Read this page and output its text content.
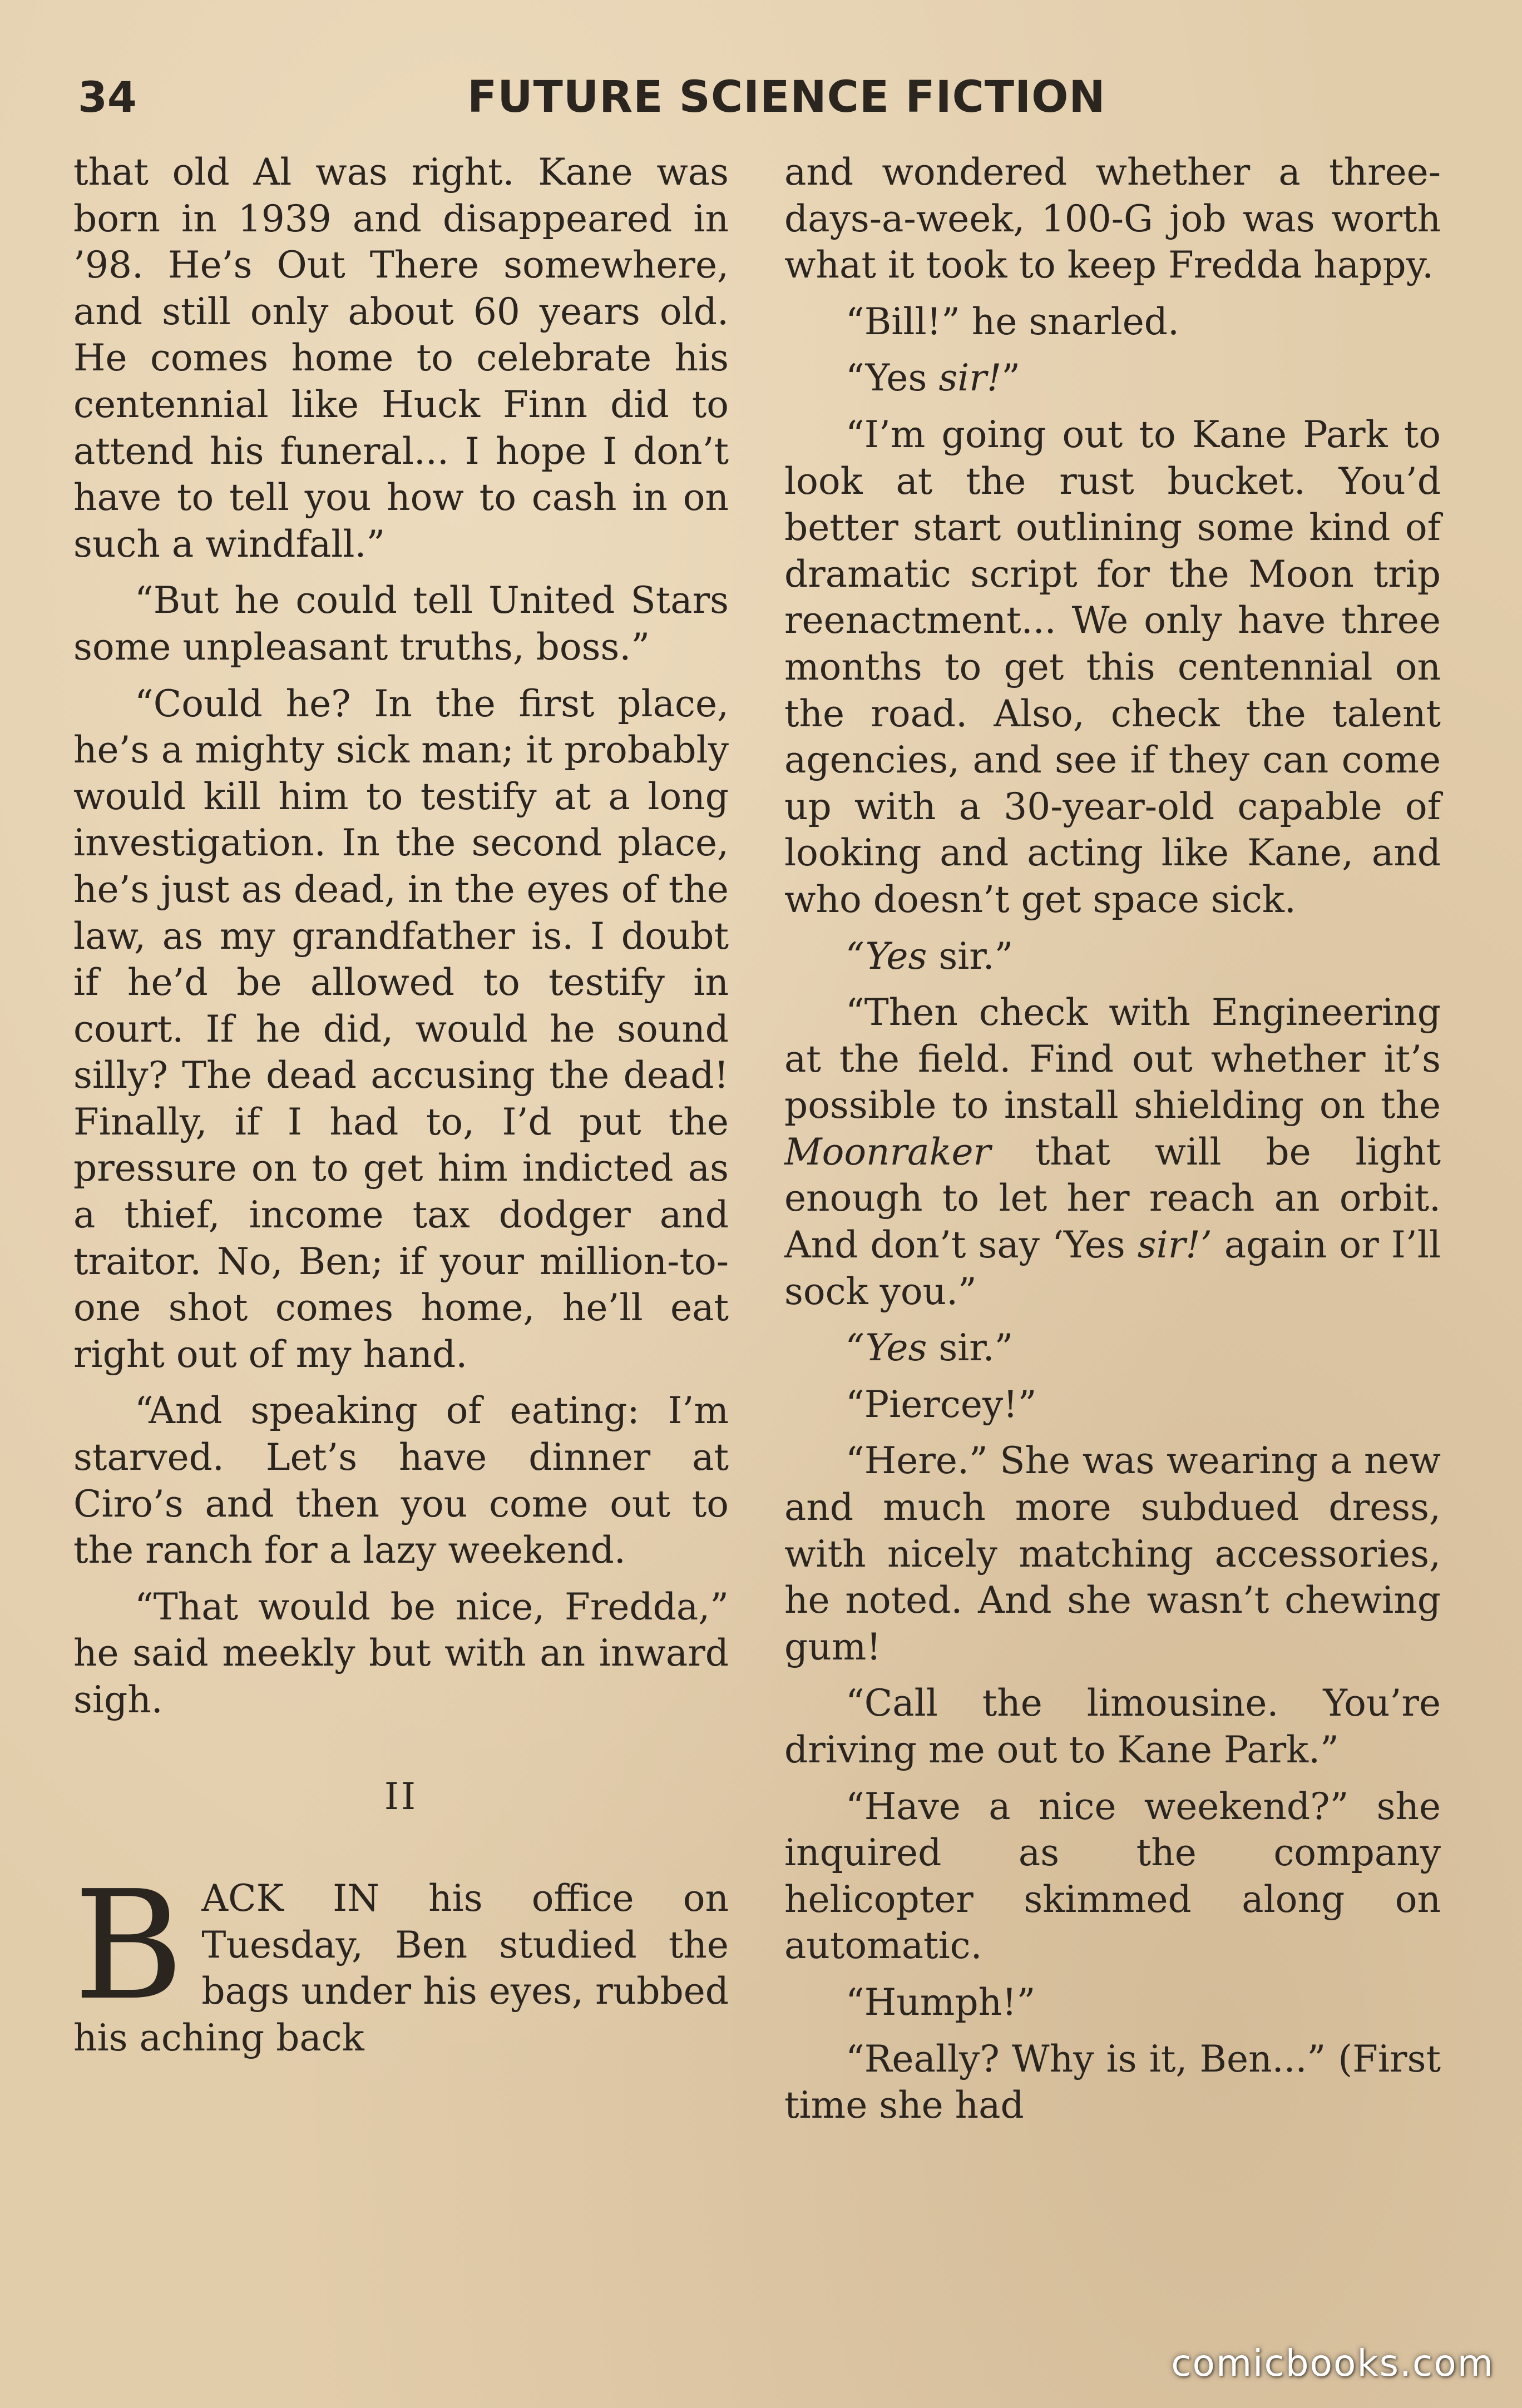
34	FUTURE SCIENCE FICTION

that old Al was right. Kane was born in 1939 and disappeared in ’98. He’s Out There somewhere, and still only about 60 years old. He comes home to celebrate his centennial like Huck Finn did to attend his funeral... I hope I don’t have to tell you how to cash in on such a windfall.”

“But he could tell United Stars some unpleasant truths, boss.”

“Could he? In the first place, he’s a mighty sick man; it probably would kill him to testify at a long investigation. In the second place, he’s just as dead, in the eyes of the law, as my grandfather is. I doubt if he’d be allowed to testify in court. If he did, would he sound silly? The dead accusing the dead! Finally, if I had to, I’d put the pressure on to get him indicted as a thief, income tax dodger and traitor. No, Ben; if your million-to-one shot comes home, he’ll eat right out of my hand.

“And speaking of eating: I’m starved. Let’s have dinner at Ciro’s and then you come out to the ranch for a lazy weekend.

“That would be nice, Fredda,” he said meekly but with an inward sigh.

II

BACK IN his office on Tuesday, Ben studied the bags under his eyes, rubbed his aching back

and wondered whether a three-days-a-week, 100-G job was worth what it took to keep Fredda happy.

“Bill!” he snarled.

“Yes sir!”

“I’m going out to Kane Park to look at the rust bucket. You’d better start outlining some kind of dramatic script for the Moon trip reenactment... We only have three months to get this centennial on the road. Also, check the talent agencies, and see if they can come up with a 30-year-old capable of looking and acting like Kane, and who doesn’t get space sick.

“Yes sir.”

“Then check with Engineering at the field. Find out whether it’s possible to install shielding on the Moonraker that will be light enough to let her reach an orbit. And don’t say ‘Yes sir!’ again or I’ll sock you.”

“Yes sir.”

“Piercey!”

“Here.” She was wearing a new and much more subdued dress, with nicely matching accessories, he noted. And she wasn’t chewing gum!

“Call the limousine. You’re driving me out to Kane Park.”

“Have a nice weekend?” she inquired as the company helicopter skimmed along on automatic.

“Humph!”

“Really? Why is it, Ben...” (First time she had

comicbooks.com
